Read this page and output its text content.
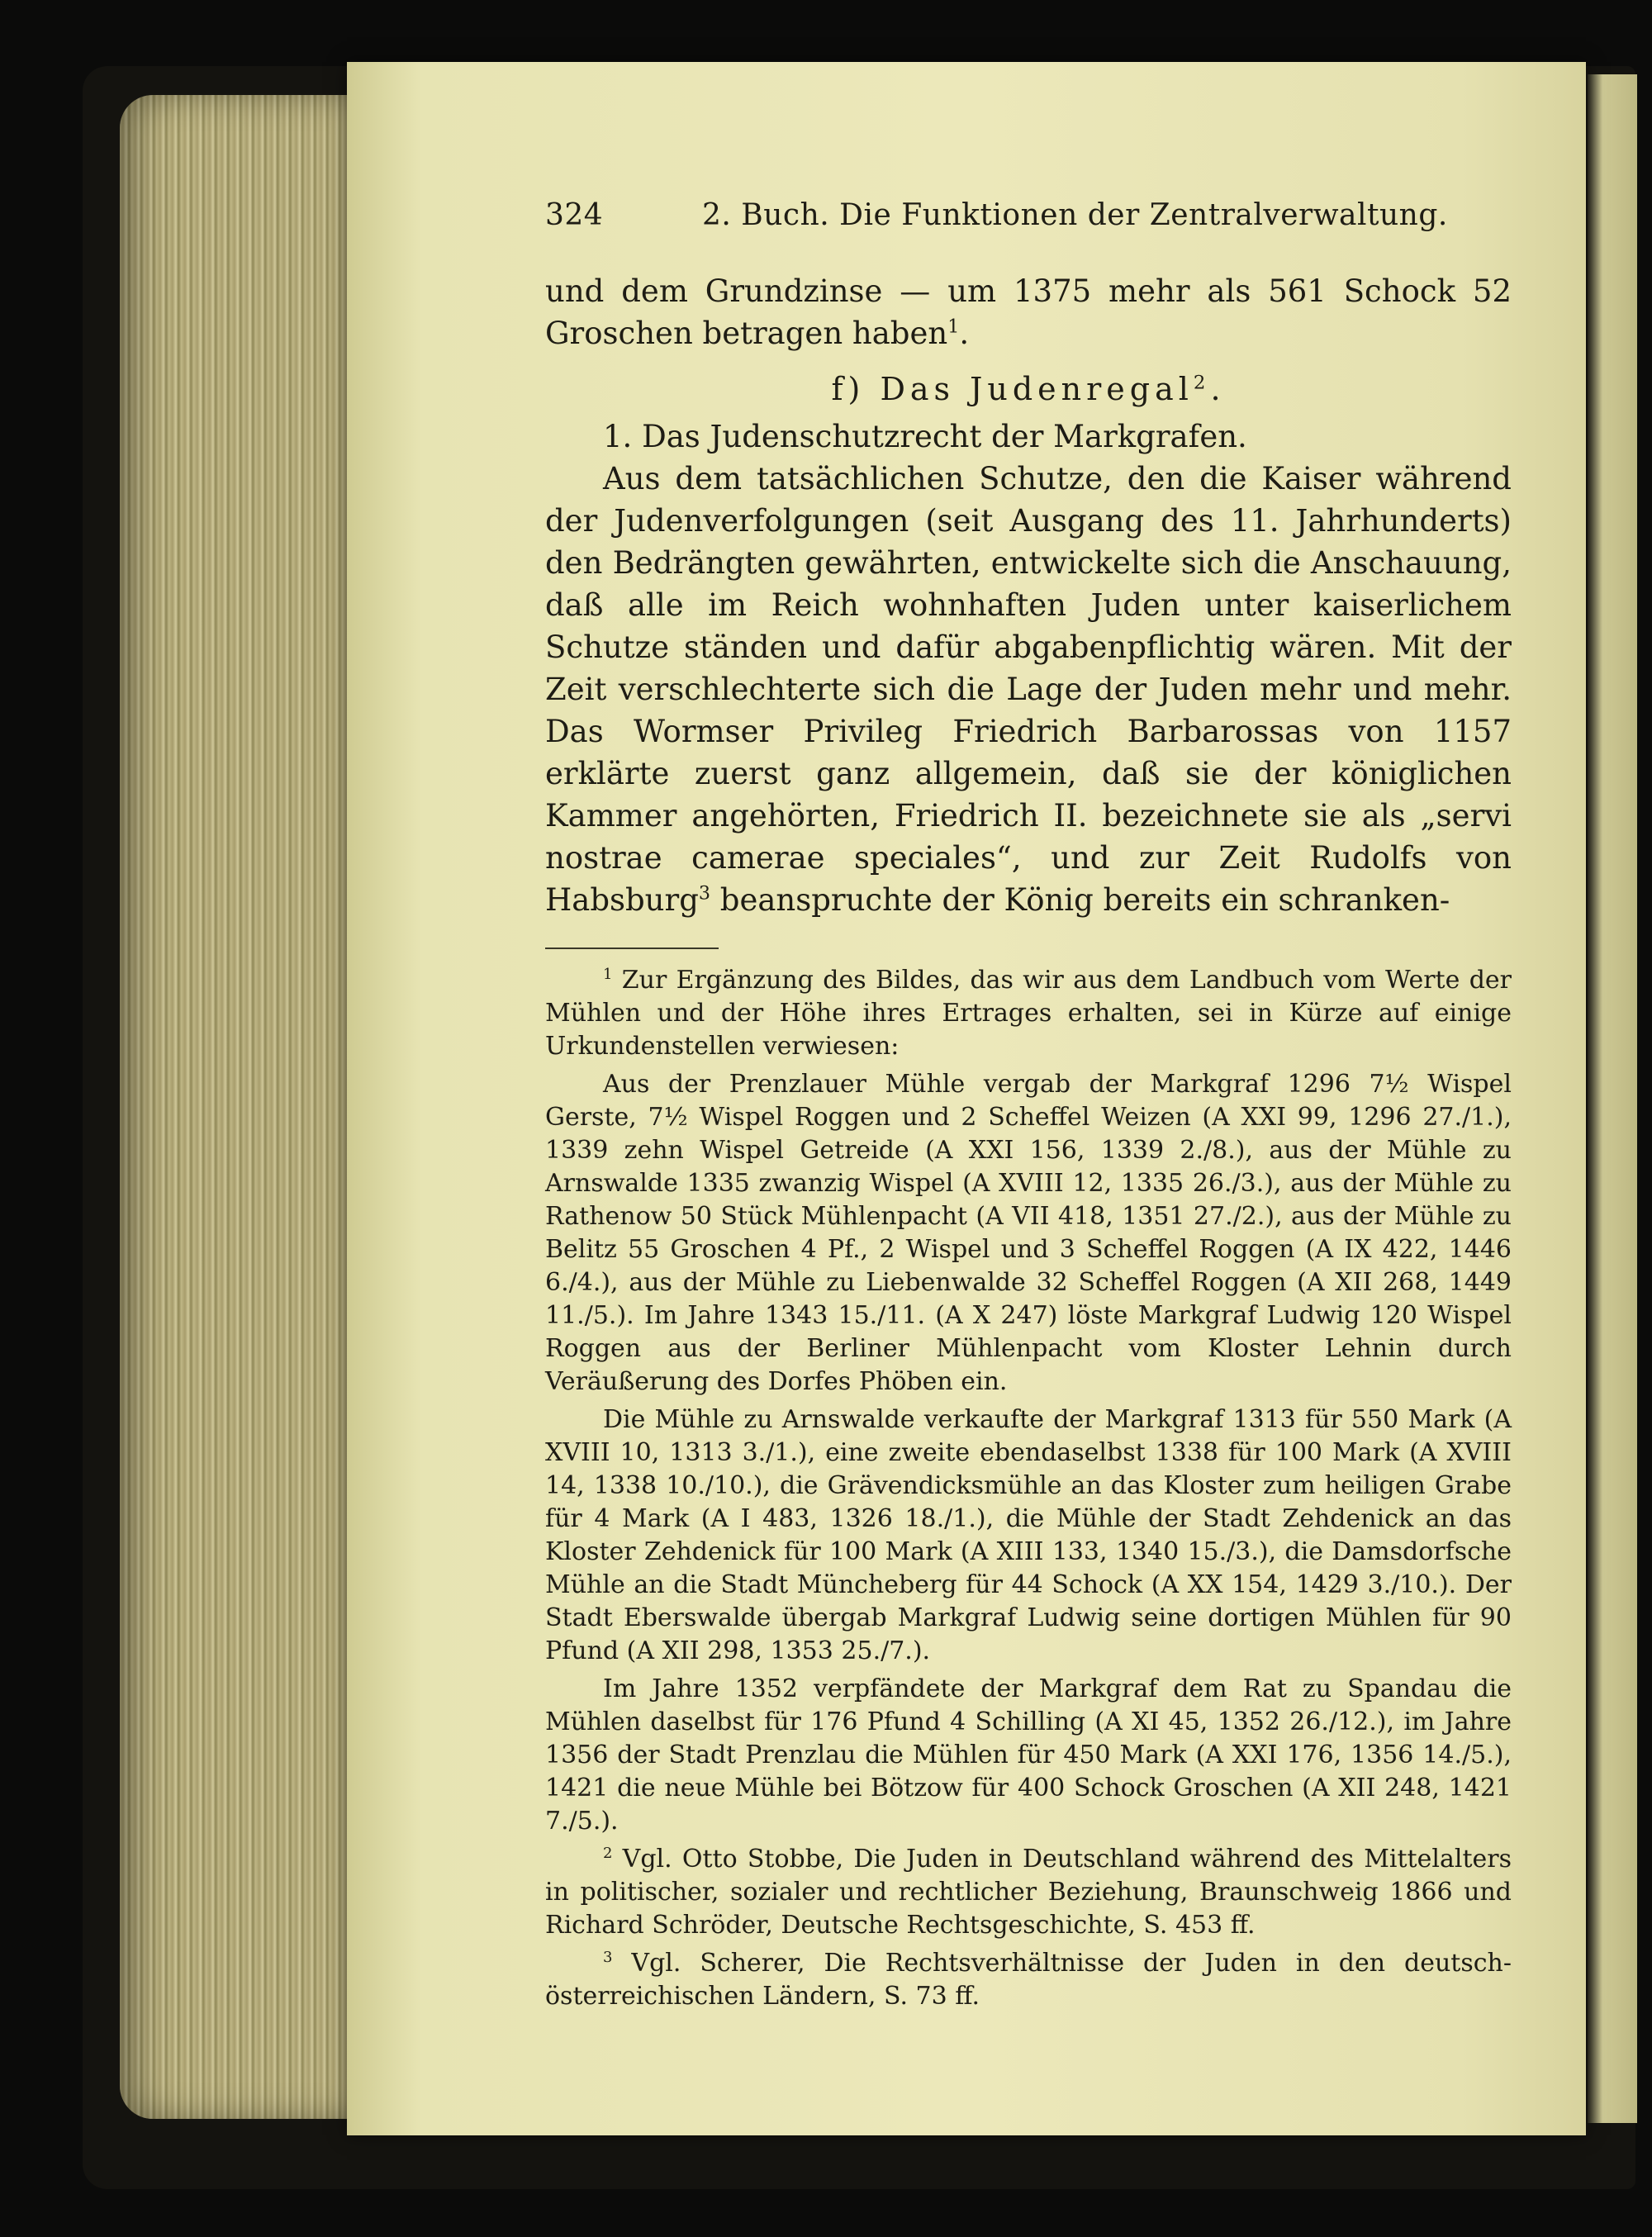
324	2. Buch. Die Funktionen der Zentralverwaltung.

und dem Grundzinse — um 1375 mehr als 561 Schock 52 Groschen betragen haben$^1$.

f) Das Judenregal$^2$.

1. Das Judenschutzrecht der Markgrafen.

Aus dem tatsächlichen Schutze, den die Kaiser während der Judenverfolgungen (seit Ausgang des 11. Jahrhunderts) den Bedrängten gewährten, entwickelte sich die Anschauung, daß alle im Reich wohnhaften Juden unter kaiserlichem Schutze ständen und dafür abgabenpflichtig wären. Mit der Zeit verschlechterte sich die Lage der Juden mehr und mehr. Das Wormser Privileg Friedrich Barbarossas von 1157 erklärte zuerst ganz allgemein, daß sie der königlichen Kammer angehörten, Friedrich II. bezeichnete sie als „servi nostrae camerae speciales“, und zur Zeit Rudolfs von Habsburg$^3$ beanspruchte der König bereits ein schranken-

$^1$ Zur Ergänzung des Bildes, das wir aus dem Landbuch vom Werte der Mühlen und der Höhe ihres Ertrages erhalten, sei in Kürze auf einige Urkundenstellen verwiesen:

Aus der Prenzlauer Mühle vergab der Markgraf 1296 7½ Wispel Gerste, 7½ Wispel Roggen und 2 Scheffel Weizen (A XXI 99, 1296 27./1.), 1339 zehn Wispel Getreide (A XXI 156, 1339 2./8.), aus der Mühle zu Arnswalde 1335 zwanzig Wispel (A XVIII 12, 1335 26./3.), aus der Mühle zu Rathenow 50 Stück Mühlenpacht (A VII 418, 1351 27./2.), aus der Mühle zu Belitz 55 Groschen 4 Pf., 2 Wispel und 3 Scheffel Roggen (A IX 422, 1446 6./4.), aus der Mühle zu Liebenwalde 32 Scheffel Roggen (A XII 268, 1449 11./5.). Im Jahre 1343 15./11. (A X 247) löste Markgraf Ludwig 120 Wispel Roggen aus der Berliner Mühlenpacht vom Kloster Lehnin durch Veräußerung des Dorfes Phöben ein.

Die Mühle zu Arnswalde verkaufte der Markgraf 1313 für 550 Mark (A XVIII 10, 1313 3./1.), eine zweite ebendaselbst 1338 für 100 Mark (A XVIII 14, 1338 10./10.), die Grävendicksmühle an das Kloster zum heiligen Grabe für 4 Mark (A I 483, 1326 18./1.), die Mühle der Stadt Zehdenick an das Kloster Zehdenick für 100 Mark (A XIII 133, 1340 15./3.), die Damsdorfsche Mühle an die Stadt Müncheberg für 44 Schock (A XX 154, 1429 3./10.). Der Stadt Eberswalde übergab Markgraf Ludwig seine dortigen Mühlen für 90 Pfund (A XII 298, 1353 25./7.).

Im Jahre 1352 verpfändete der Markgraf dem Rat zu Spandau die Mühlen daselbst für 176 Pfund 4 Schilling (A XI 45, 1352 26./12.), im Jahre 1356 der Stadt Prenzlau die Mühlen für 450 Mark (A XXI 176, 1356 14./5.), 1421 die neue Mühle bei Bötzow für 400 Schock Groschen (A XII 248, 1421 7./5.).

$^2$ Vgl. Otto Stobbe, Die Juden in Deutschland während des Mittelalters in politischer, sozialer und rechtlicher Beziehung, Braunschweig 1866 und Richard Schröder, Deutsche Rechtsgeschichte, S. 453 ff.

$^3$ Vgl. Scherer, Die Rechtsverhältnisse der Juden in den deutsch-österreichischen Ländern, S. 73 ff.
